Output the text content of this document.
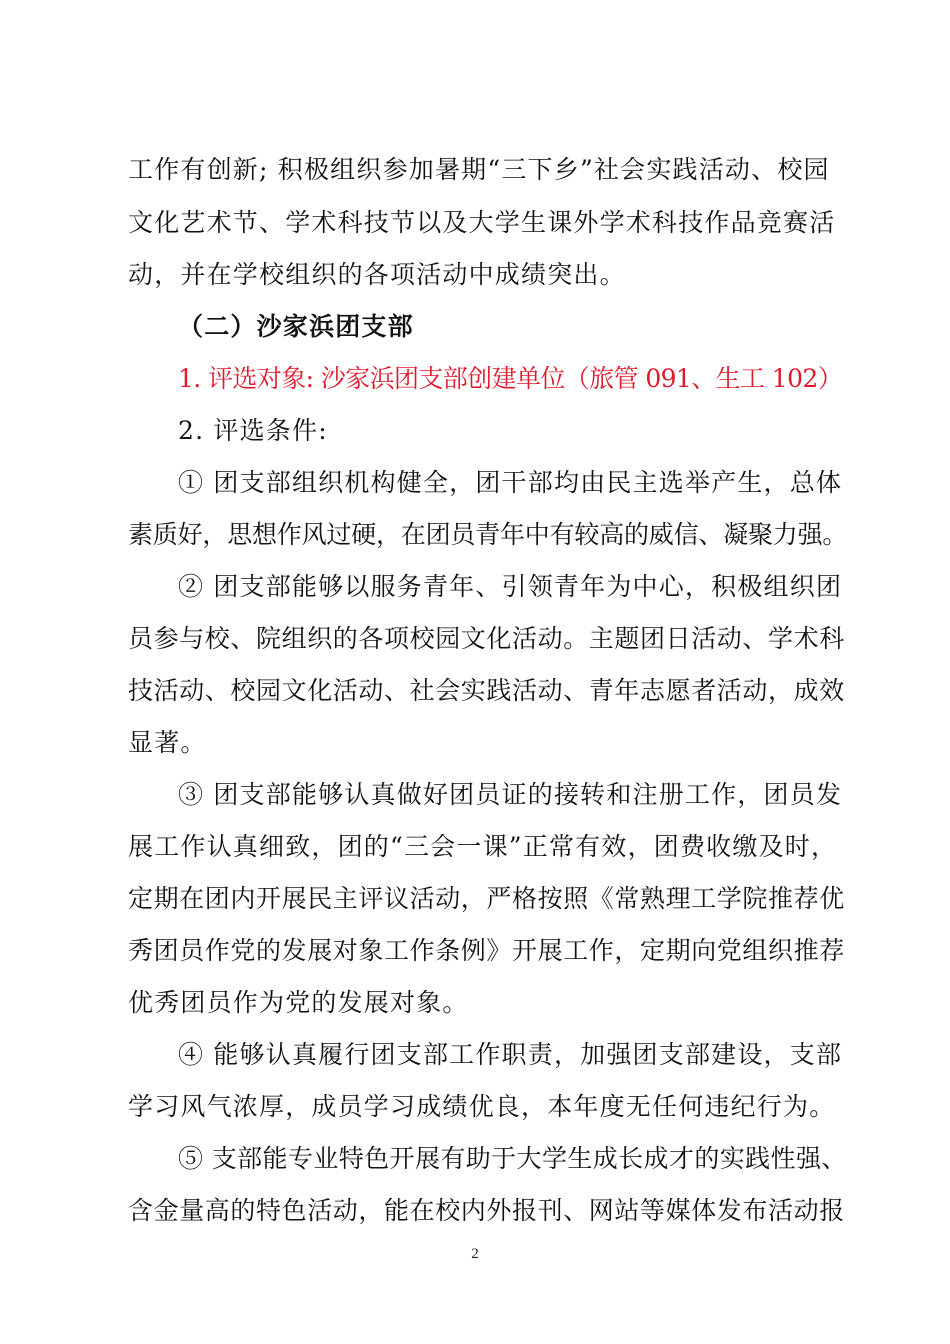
工作有创新; 积极组织参加暑期“三下乡”社会实践活动、校园
文化艺术节、学术科技节以及大学生课外学术科技作品竞赛活
动，并在学校组织的各项活动中成绩突出。
（二）沙家浜团支部
1. 评选对象: 沙家浜团支部创建单位（旅管 091、生工 102）
2. 评选条件:
① 团支部组织机构健全，团干部均由民主选举产生，总体
素质好，思想作风过硬，在团员青年中有较高的威信、凝聚力强。
② 团支部能够以服务青年、引领青年为中心，积极组织团
员参与校、院组织的各项校园文化活动。主题团日活动、学术科
技活动、校园文化活动、社会实践活动、青年志愿者活动，成效
显著。
③ 团支部能够认真做好团员证的接转和注册工作，团员发
展工作认真细致，团的“三会一课”正常有效，团费收缴及时，
定期在团内开展民主评议活动，严格按照《常熟理工学院推荐优
秀团员作党的发展对象工作条例》开展工作，定期向党组织推荐
优秀团员作为党的发展对象。
④ 能够认真履行团支部工作职责，加强团支部建设，支部
学习风气浓厚，成员学习成绩优良，本年度无任何违纪行为。
⑤ 支部能专业特色开展有助于大学生成长成才的实践性强、
含金量高的特色活动，能在校内外报刊、网站等媒体发布活动报
2
